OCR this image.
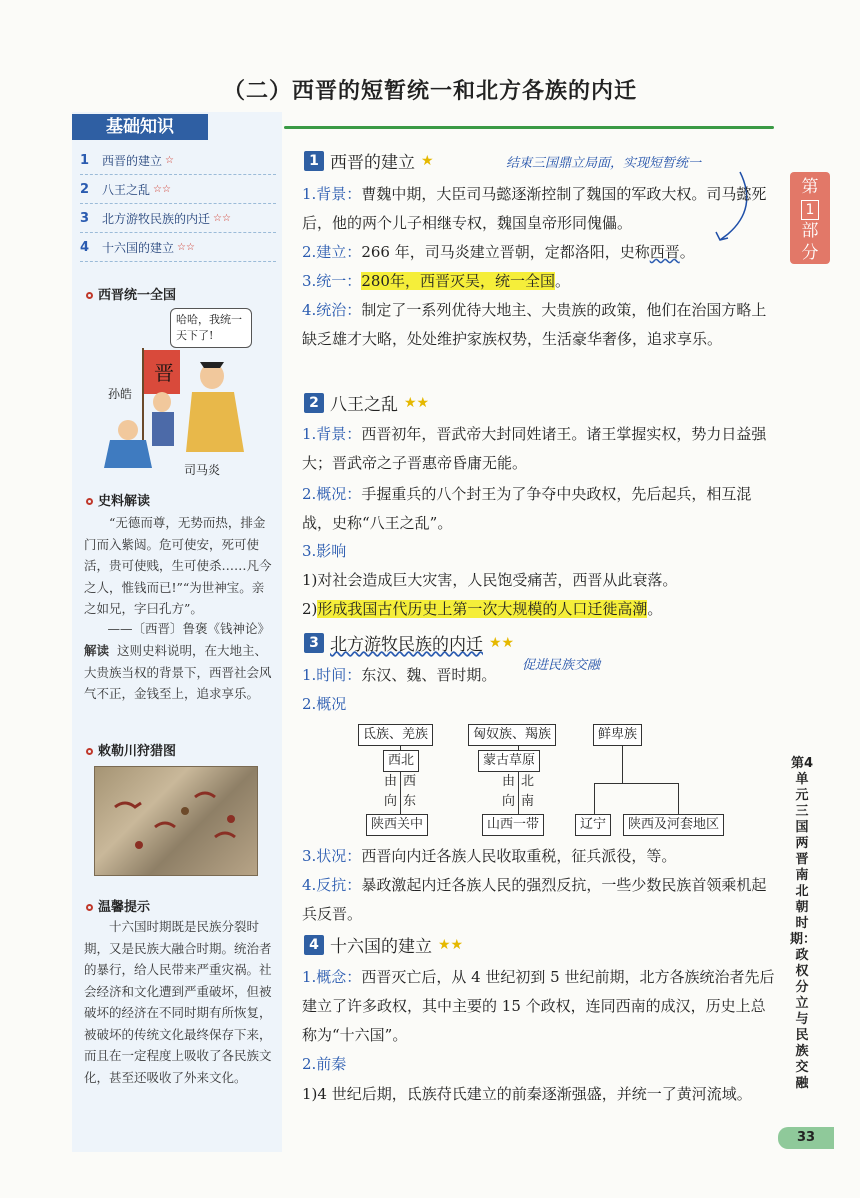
（二）西晋的短暂统一和北方各族的内迁
基础知识
1	西晋的建立 ☆
2	八王之乱 ☆☆
3	北方游牧民族的内迁 ☆☆
4	十六国的建立 ☆☆
西晋统一全国
晋
孙皓
司马炎
哈哈，我统一天下了!
史料解读
“无德而尊，无势而热，排金门而入紫闼。危可使安，死可使活，贵可使贱，生可使杀……凡今之人，惟钱而已!”“为世神宝。亲之如兄，字曰孔方”。
——〔西晋〕鲁褒《钱神论》
解读 这则史料说明，在大地主、大贵族当权的背景下，西晋社会风气不正，金钱至上，追求享乐。
敕勒川狩猎图
温馨提示
十六国时期既是民族分裂时期，又是民族大融合时期。统治者的暴行，给人民带来严重灾祸。社会经济和文化遭到严重破坏，但被破坏的经济在不同时期有所恢复，被破坏的传统文化最终保存下来，而且在一定程度上吸收了各民族文化，甚至还吸收了外来文化。
第
1
部
分
第4单元 三国两晋南北朝时期：政权分立与民族交融
33
1 西晋的建立 ★	结束三国鼎立局面，实现短暂统一
1.背景：曹魏中期，大臣司马懿逐渐控制了魏国的军政大权。司马懿死后，他的两个儿子相继专权，魏国皇帝形同傀儡。
2.建立：266 年，司马炎建立晋朝，定都洛阳，史称西晋。
3.统一：280年，西晋灭吴，统一全国。
4.统治：制定了一系列优待大地主、大贵族的政策，他们在治国方略上缺乏雄才大略，处处维护家族权势，生活豪华奢侈，追求享乐。
2 八王之乱 ★★
1.背景：西晋初年，晋武帝大封同姓诸王。诸王掌握实权，势力日益强大；晋武帝之子晋惠帝昏庸无能。
2.概况：手握重兵的八个封王为了争夺中央政权，先后起兵，相互混战，史称“八王之乱”。
3.影响
1)对社会造成巨大灾害，人民饱受痛苦，西晋从此衰落。
2)形成我国古代历史上第一次大规模的人口迁徙高潮。
3 北方游牧民族的内迁 ★★
1.时间：东汉、魏、晋时期。
促进民族交融
2.概况
氐族、羌族
西北
由 西
向 东
陕西关中
匈奴族、羯族
蒙古草原
由 北
向 南
山西一带
鲜卑族
辽宁	陕西及河套地区
3.状况：西晋向内迁各族人民收取重税，征兵派役，等。
4.反抗：暴政激起内迁各族人民的强烈反抗，一些少数民族首领乘机起兵反晋。
4 十六国的建立 ★★
1.概念：西晋灭亡后，从 4 世纪初到 5 世纪前期，北方各族统治者先后建立了许多政权，其中主要的 15 个政权，连同西南的成汉，历史上总称为“十六国”。
2.前秦
1)4 世纪后期，氐族苻氏建立的前秦逐渐强盛，并统一了黄河流域。
